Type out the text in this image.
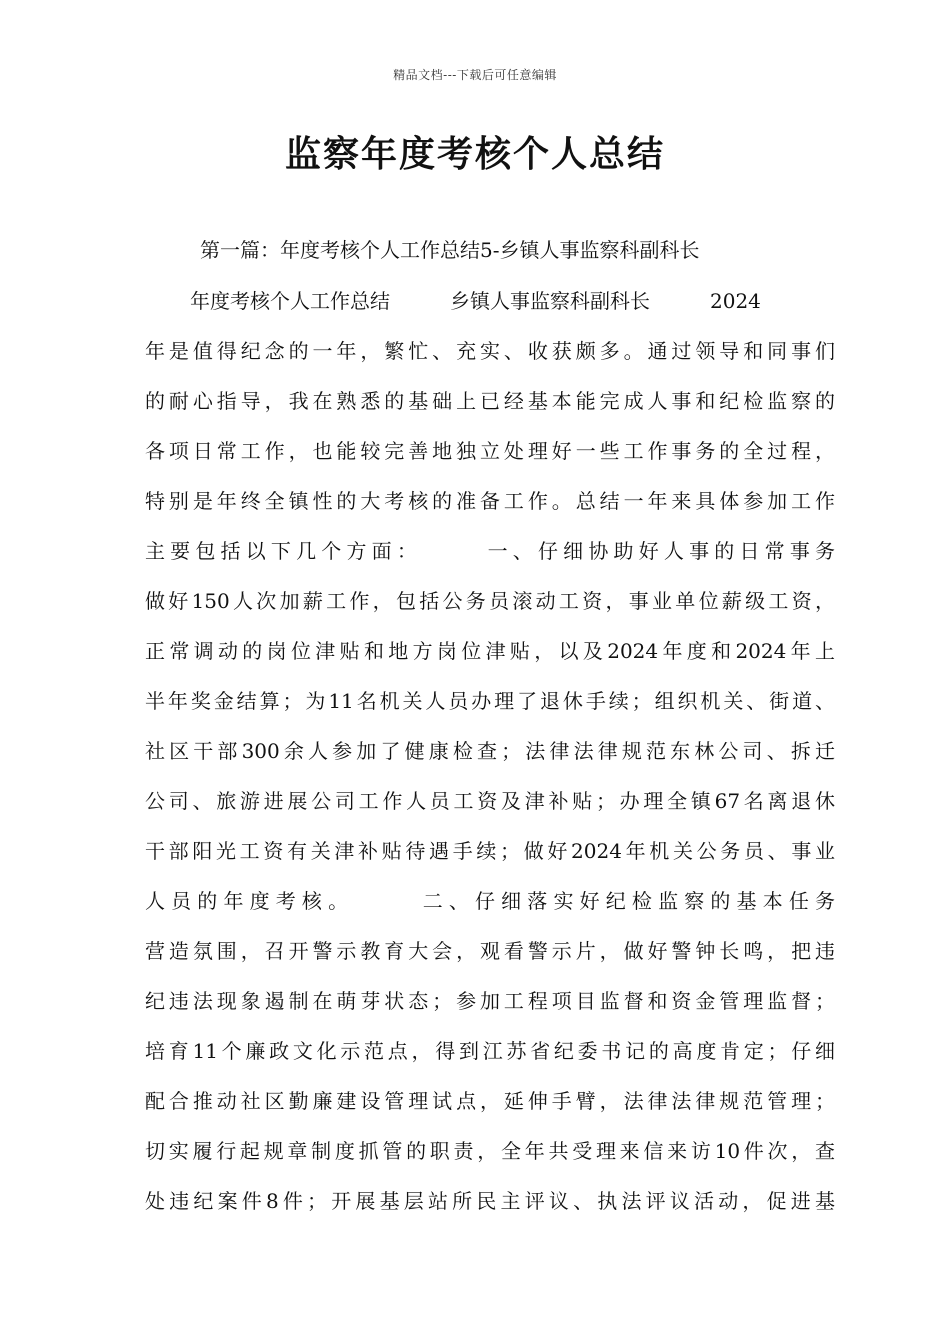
精品文档---下载后可任意编辑
监察年度考核个人总结
第一篇：年度考核个人工作总结5-乡镇人事监察科副科长
年度考核个人工作总结　　　乡镇人事监察科副科长　　　2024
年是值得纪念的一年，繁忙、充实、收获颇多。通过领导和同事们
的耐心指导，我在熟悉的基础上已经基本能完成人事和纪检监察的
各项日常工作，也能较完善地独立处理好一些工作事务的全过程，
特别是年终全镇性的大考核的准备工作。总结一年来具体参加工作
主要包括以下几个方面：　　　一、仔细协助好人事的日常事务
做好150人次加薪工作，包括公务员滚动工资，事业单位薪级工资，
正常调动的岗位津贴和地方岗位津贴，以及2024年度和2024年上
半年奖金结算；为11名机关人员办理了退休手续；组织机关、街道、
社区干部300余人参加了健康检查；法律法律规范东林公司、拆迁
公司、旅游进展公司工作人员工资及津补贴；办理全镇67名离退休
干部阳光工资有关津补贴待遇手续；做好2024年机关公务员、事业
人员的年度考核。　　　二、仔细落实好纪检监察的基本任务
营造氛围，召开警示教育大会，观看警示片，做好警钟长鸣，把违
纪违法现象遏制在萌芽状态；参加工程项目监督和资金管理监督；
培育11个廉政文化示范点，得到江苏省纪委书记的高度肯定；仔细
配合推动社区勤廉建设管理试点，延伸手臂，法律法律规范管理；
切实履行起规章制度抓管的职责，全年共受理来信来访10件次，查
处违纪案件8件；开展基层站所民主评议、执法评议活动，促进基
